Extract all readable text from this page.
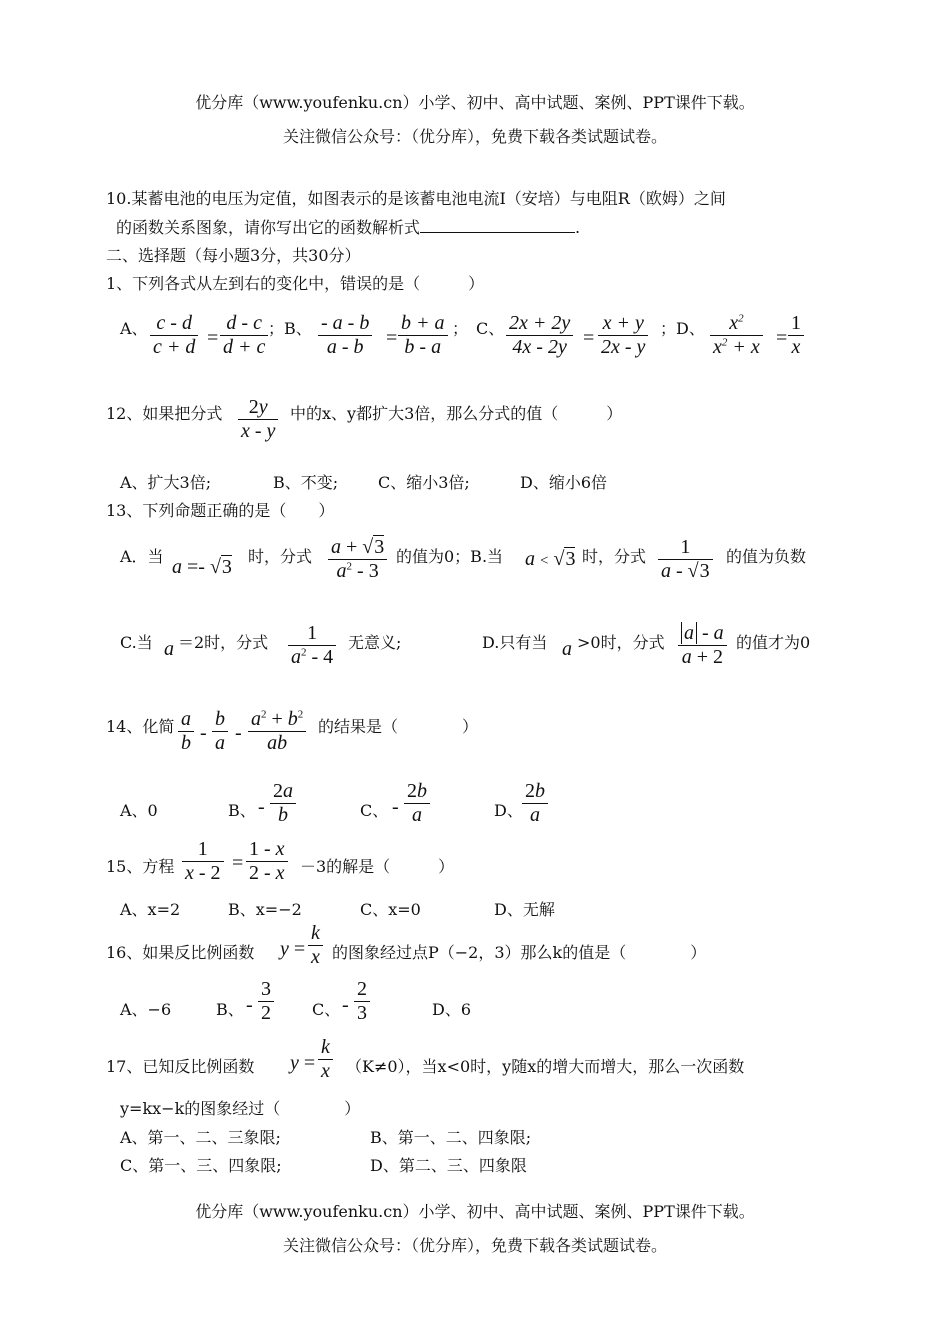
优分库（www.youfenku.cn）小学、初中、高中试题、案例、PPT课件下载。
关注微信公众号：（优分库），免费下载各类试题试卷。
10.某蓄电池的电压为定值，如图表示的是该蓄电池电流I（安培）与电阻R（欧姆）之间
的函数关系图象，请你写出它的函数解析式	.
二、选择题（每小题3分，共30分）
1、下列各式从左到右的变化中，错误的是（　　　）
A、 c - d
c + d =
d - c
d + c
；B、 - a - b
a - b	=
b + a
b - a
；　C、 2x + 2y
4x - 2y =
x + y
2x - y
；D、	$x^2$
$x^2 + x$ =
1
x
12、如果把分式	2y
x - y
中的x、y都扩大3倍，那么分式的值（　　　）
A、扩大3倍;	B、不变; C、缩小3倍;	D、缩小6倍
13、下列命题正确的是（　　）
A．当 a =- √3 时，分式 a + √3
$a^2 - 3$
的值为0；B.当 a < √3 时，分式	1
a - √3
的值为负数
C.当 a ＝2时，分式	1
$a^2 - 4$
无意义;	D.只有当 a >0时，分式 a - a
a + 2
的值才为0
14、化简 a
b -
b
a -
$a^2 + b^2$
ab
的结果是（　　　　）
A、0	B、 -
2a
b	C、 -
2b
a	D、
2b
a
15、方程
1
x - 2 =
1 - x
2 - x －3的解是（　　　）
A、x=2	B、x=−2	C、x=0	D、无解
16、如果反比例函数 y =
k
x 的图象经过点P（−2，3）那么k的值是（　　　　）
A、−6	B、 -
3
2	C、 -
2
3	D、6
17、已知反比例函数 y =
k
x （K≠0），当x<0时，y随x的增大而增大，那么一次函数
y=kx−k的图象经过（　　　　）
A、第一、二、三象限;	B、第一、二、四象限;
C、第一、三、四象限;	D、第二、三、四象限
优分库（www.youfenku.cn）小学、初中、高中试题、案例、PPT课件下载。
关注微信公众号：（优分库），免费下载各类试题试卷。
